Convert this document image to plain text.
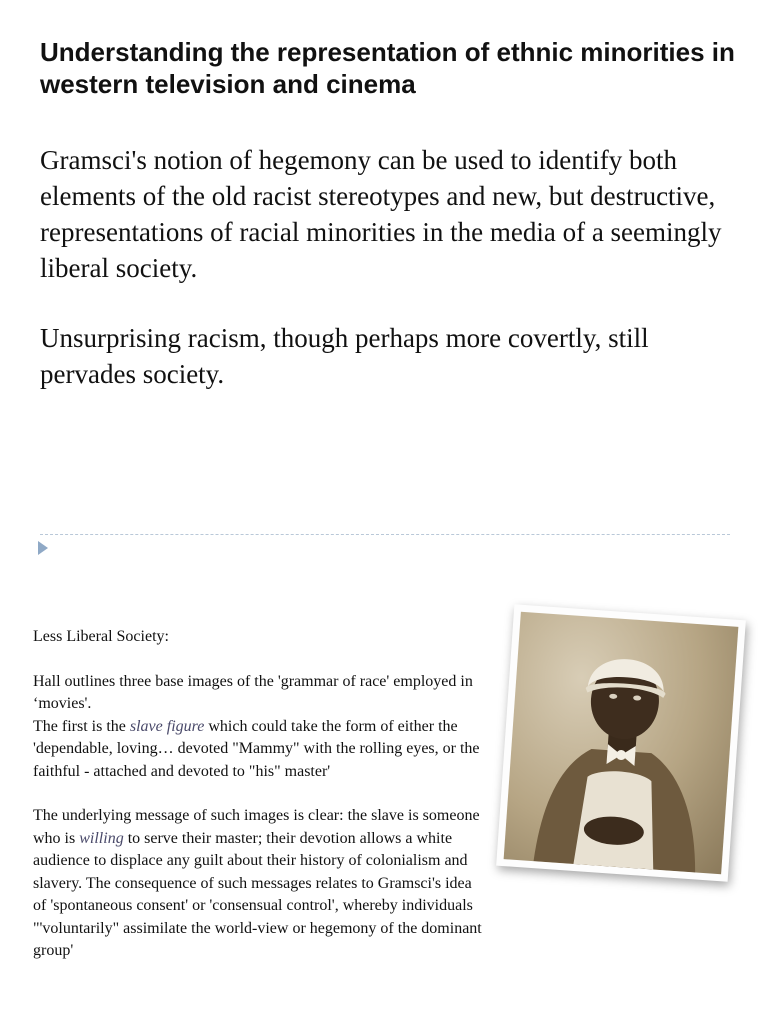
Understanding the representation of ethnic minorities in western television and cinema

Gramsci's notion of hegemony can be used to identify both elements of the old racist stereotypes and new, but destructive, representations of racial minorities in the media of a seemingly liberal society.

Unsurprising racism, though perhaps more covertly, still pervades society.

Less Liberal Society:

Hall outlines three base images of the 'grammar of race' employed in ‘movies'.

The first is the slave figure which could take the form of either the 'dependable, loving… devoted "Mammy" with the rolling eyes, or the faithful - attached and devoted to "his" master'

The underlying message of such images is clear: the slave is someone who is willing to serve their master; their devotion allows a white audience to displace any guilt about their history of colonialism and slavery. The consequence of such messages relates to Gramsci's idea of 'spontaneous consent' or 'consensual control', whereby individuals "'voluntarily" assimilate the world-view or hegemony of the dominant group'
